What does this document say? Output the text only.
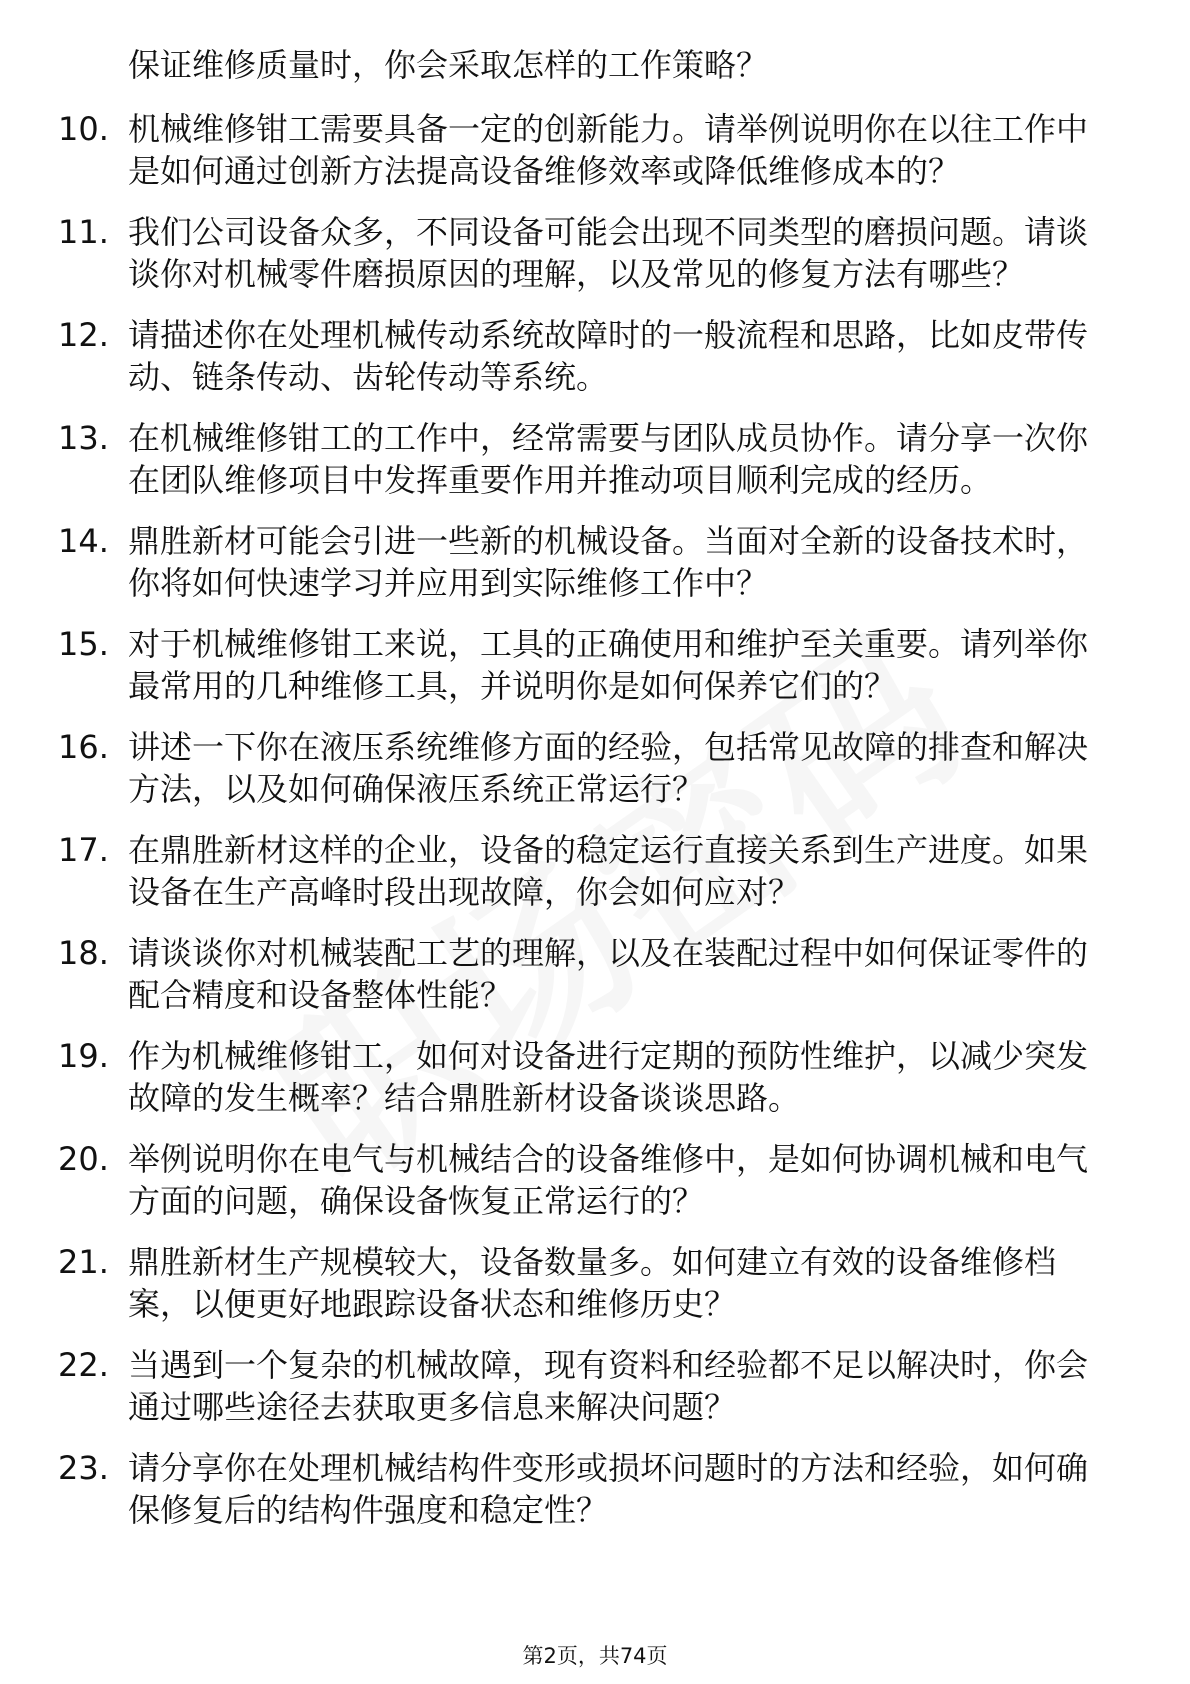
保证维修质量时，你会采取怎样的工作策略？
10. 机械维修钳工需要具备一定的创新能力。请举例说明你在以往工作中是如何通过创新方法提高设备维修效率或降低维修成本的？
11. 我们公司设备众多，不同设备可能会出现不同类型的磨损问题。请谈谈你对机械零件磨损原因的理解，以及常见的修复方法有哪些？
12. 请描述你在处理机械传动系统故障时的一般流程和思路，比如皮带传动、链条传动、齿轮传动等系统。
13. 在机械维修钳工的工作中，经常需要与团队成员协作。请分享一次你在团队维修项目中发挥重要作用并推动项目顺利完成的经历。
14. 鼎胜新材可能会引进一些新的机械设备。当面对全新的设备技术时，你将如何快速学习并应用到实际维修工作中？
15. 对于机械维修钳工来说，工具的正确使用和维护至关重要。请列举你最常用的几种维修工具，并说明你是如何保养它们的？
16. 讲述一下你在液压系统维修方面的经验，包括常见故障的排查和解决方法，以及如何确保液压系统正常运行？
17. 在鼎胜新材这样的企业，设备的稳定运行直接关系到生产进度。如果设备在生产高峰时段出现故障，你会如何应对？
18. 请谈谈你对机械装配工艺的理解，以及在装配过程中如何保证零件的配合精度和设备整体性能？
19. 作为机械维修钳工，如何对设备进行定期的预防性维护，以减少突发故障的发生概率？结合鼎胜新材设备谈谈思路。
20. 举例说明你在电气与机械结合的设备维修中，是如何协调机械和电气方面的问题，确保设备恢复正常运行的？
21. 鼎胜新材生产规模较大，设备数量多。如何建立有效的设备维修档案，以便更好地跟踪设备状态和维修历史？
22. 当遇到一个复杂的机械故障，现有资料和经验都不足以解决时，你会通过哪些途径去获取更多信息来解决问题？
23. 请分享你在处理机械结构件变形或损坏问题时的方法和经验，如何确保修复后的结构件强度和稳定性？
第2页，共74页
